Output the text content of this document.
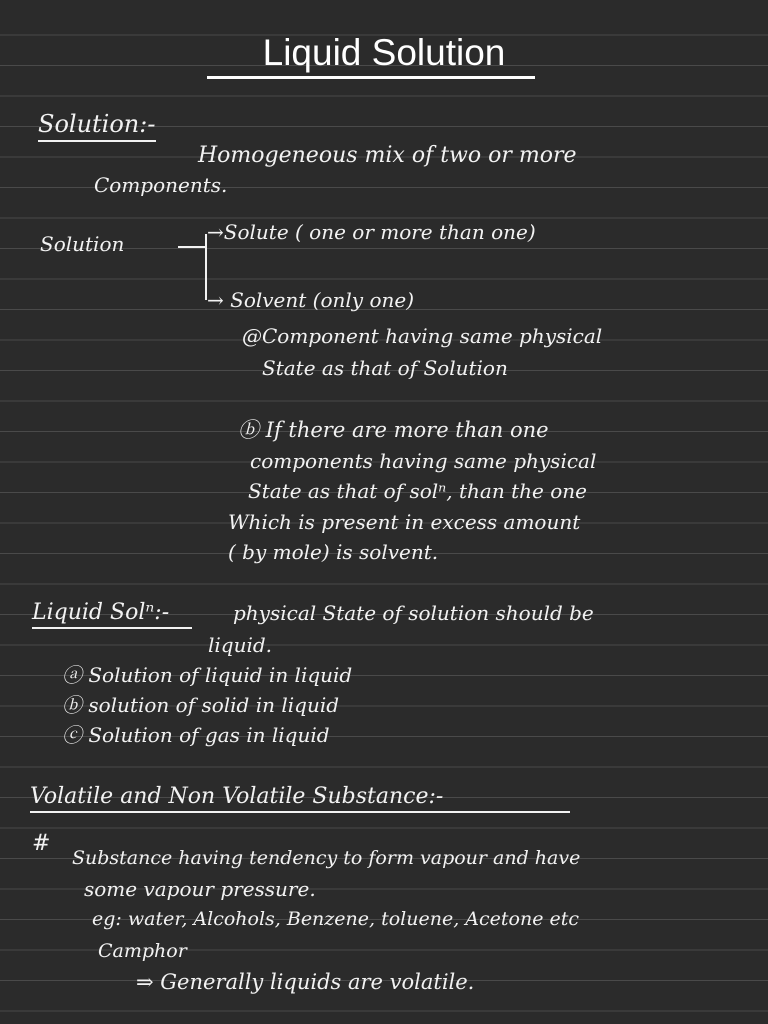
Liquid Solution
Solution:-
Homogeneous mix of two or more
Components.
Solution	→Solute ( one or more than one)
→ Solvent (only one)
@Component having same physical
State as that of Solution
ⓑ If there are more than one
components having same physical
State as that of solⁿ, than the one
Which is present in excess amount
( by mole) is solvent.
Liquid Solⁿ:-	physical State of solution should be
liquid.
ⓐ Solution of liquid in liquid
ⓑ solution of solid in liquid
ⓒ Solution of gas in liquid
Volatile and Non Volatile Substance:-
#
Substance having tendency to form vapour and have
some vapour pressure.
eg: water, Alcohols, Benzene, toluene, Acetone etc
Camphor
⇒ Generally liquids are volatile.
